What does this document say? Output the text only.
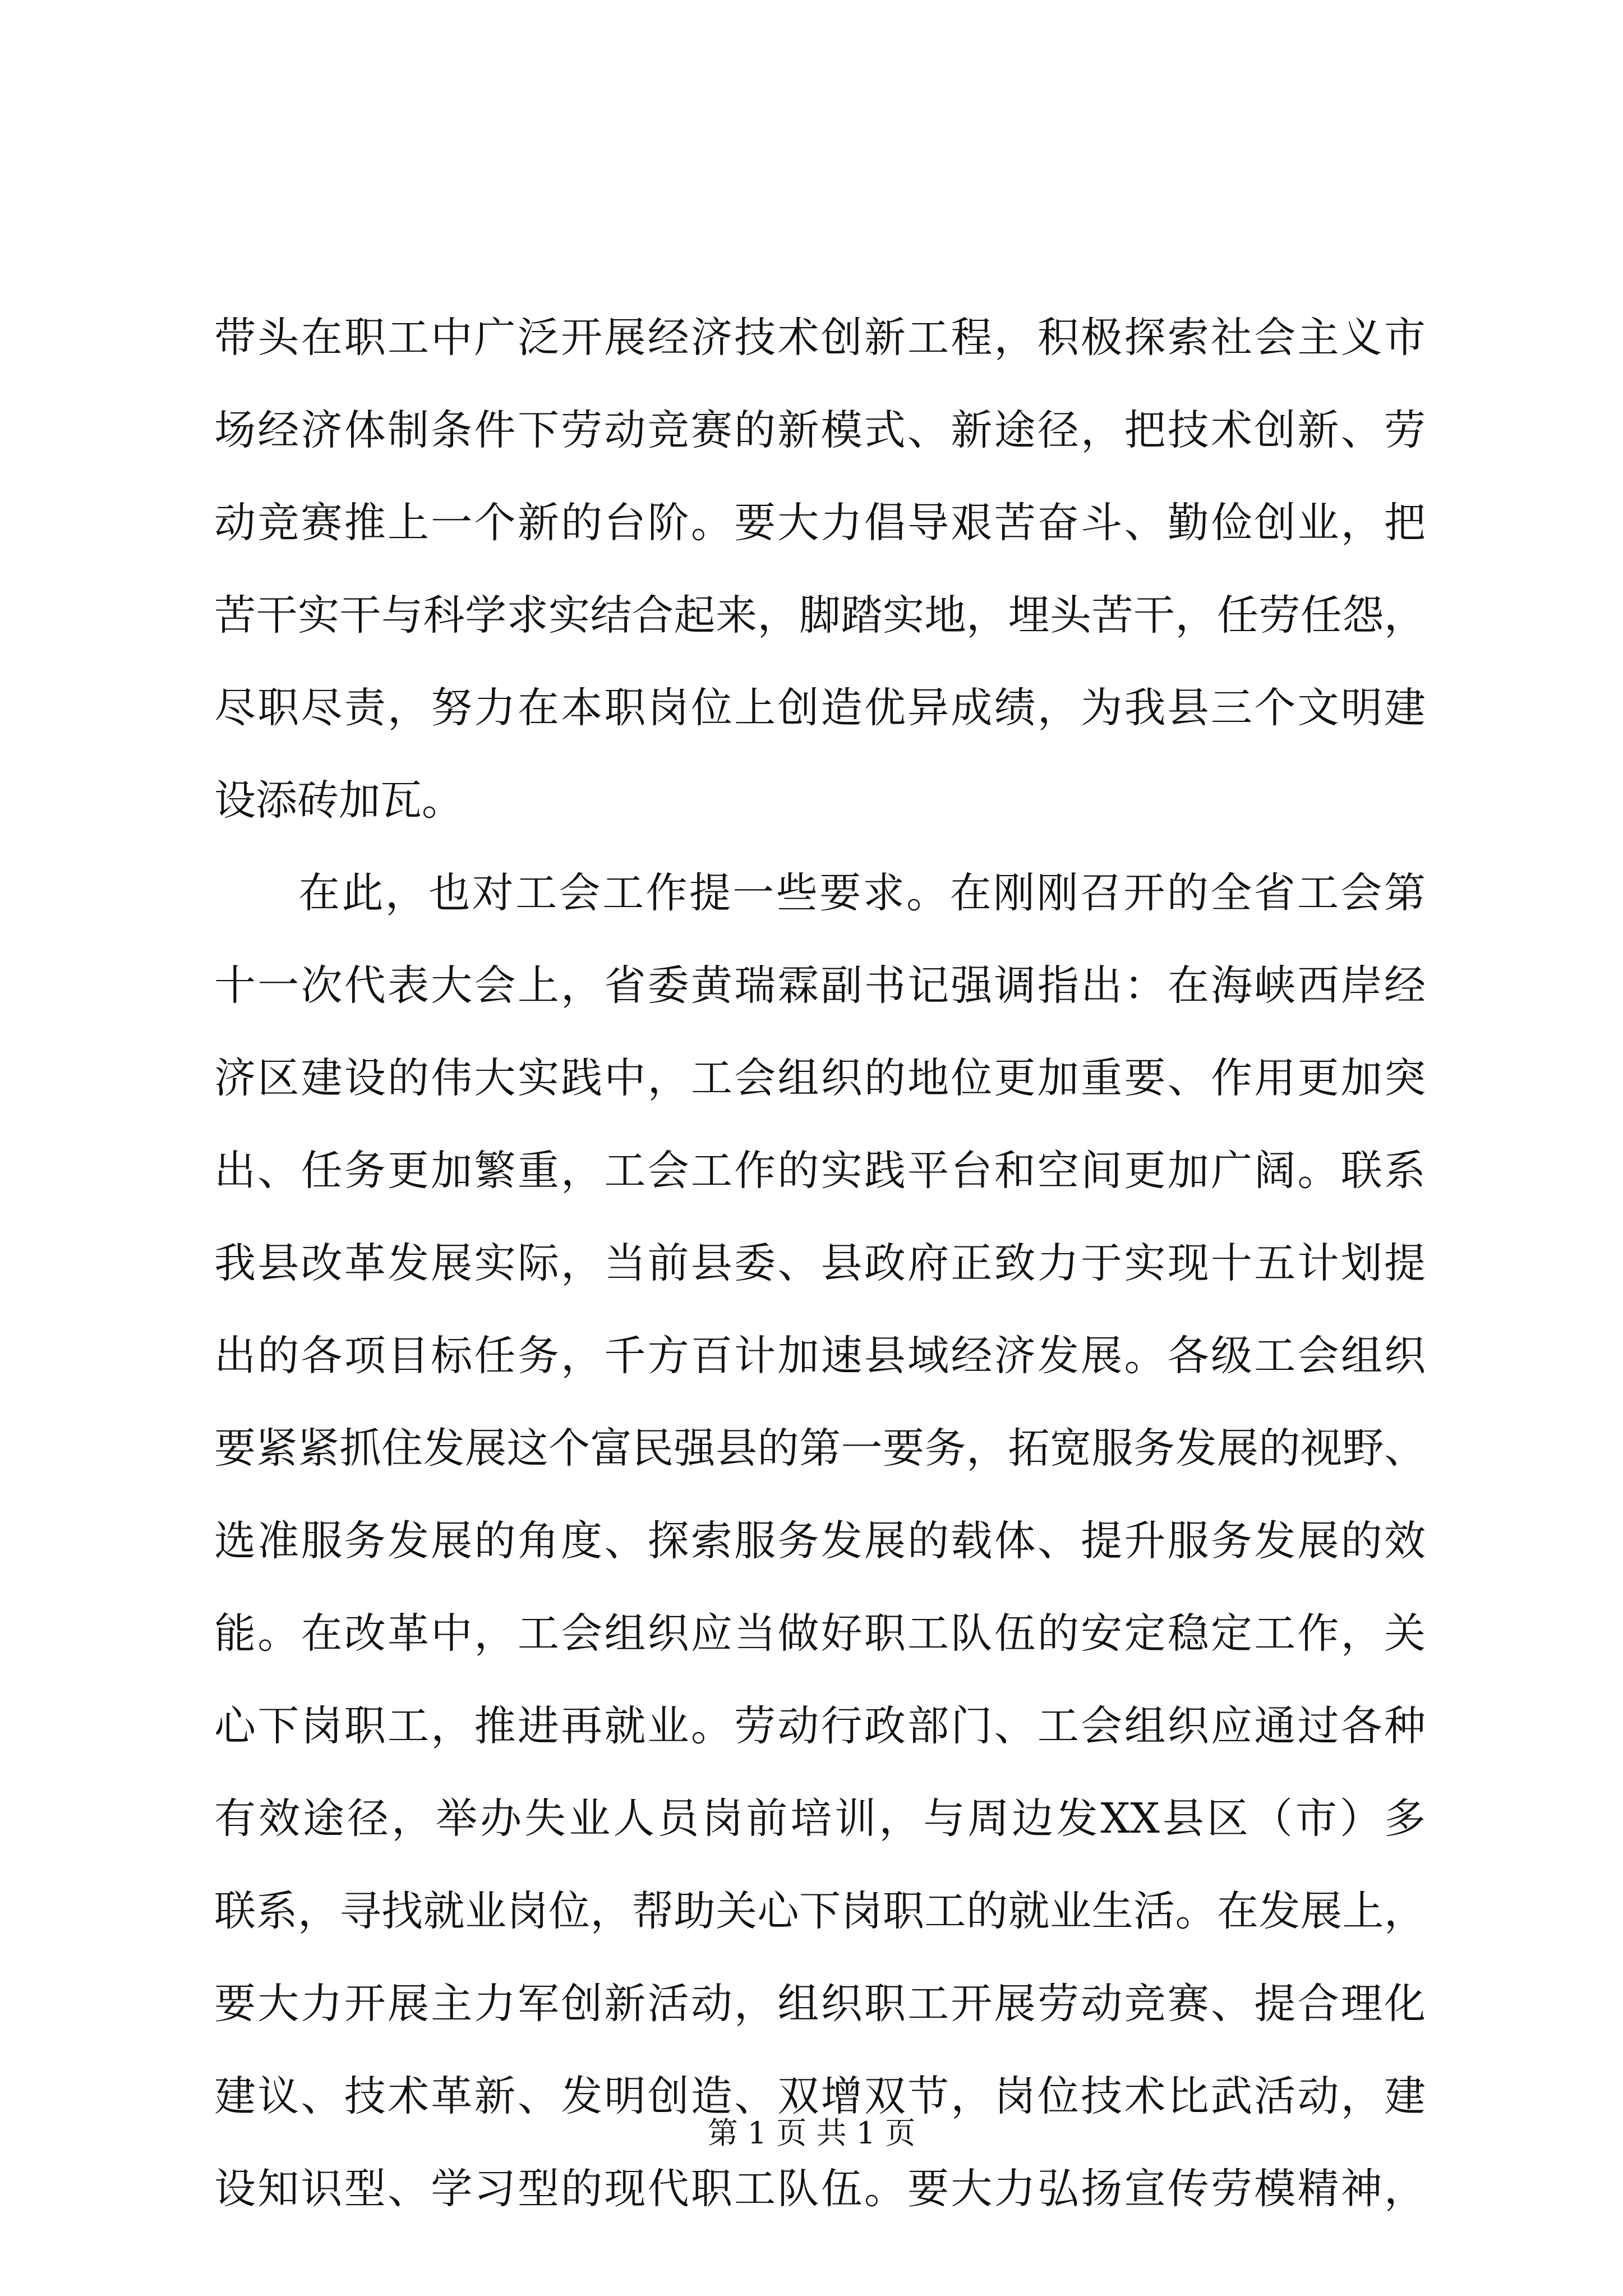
带头在职工中广泛开展经济技术创新工程，积极探索社会主义市
场经济体制条件下劳动竞赛的新模式、新途径，把技术创新、劳
动竞赛推上一个新的台阶。要大力倡导艰苦奋斗、勤俭创业，把
苦干实干与科学求实结合起来，脚踏实地，埋头苦干，任劳任怨，
尽职尽责，努力在本职岗位上创造优异成绩，为我县三个文明建
设添砖加瓦。
在此，也对工会工作提一些要求。在刚刚召开的全省工会第
十一次代表大会上，省委黄瑞霖副书记强调指出：在海峡西岸经
济区建设的伟大实践中，工会组织的地位更加重要、作用更加突
出、任务更加繁重，工会工作的实践平台和空间更加广阔。联系
我县改革发展实际，当前县委、县政府正致力于实现十五计划提
出的各项目标任务，千方百计加速县域经济发展。各级工会组织
要紧紧抓住发展这个富民强县的第一要务，拓宽服务发展的视野、
选准服务发展的角度、探索服务发展的载体、提升服务发展的效
能。在改革中，工会组织应当做好职工队伍的安定稳定工作，关
心下岗职工，推进再就业。劳动行政部门、工会组织应通过各种
有效途径，举办失业人员岗前培训，与周边发XX县区（市）多
联系，寻找就业岗位，帮助关心下岗职工的就业生活。在发展上，
要大力开展主力军创新活动，组织职工开展劳动竞赛、提合理化
建议、技术革新、发明创造、双增双节，岗位技术比武活动，建
设知识型、学习型的现代职工队伍。要大力弘扬宣传劳模精神，
第 1 页 共 1 页
